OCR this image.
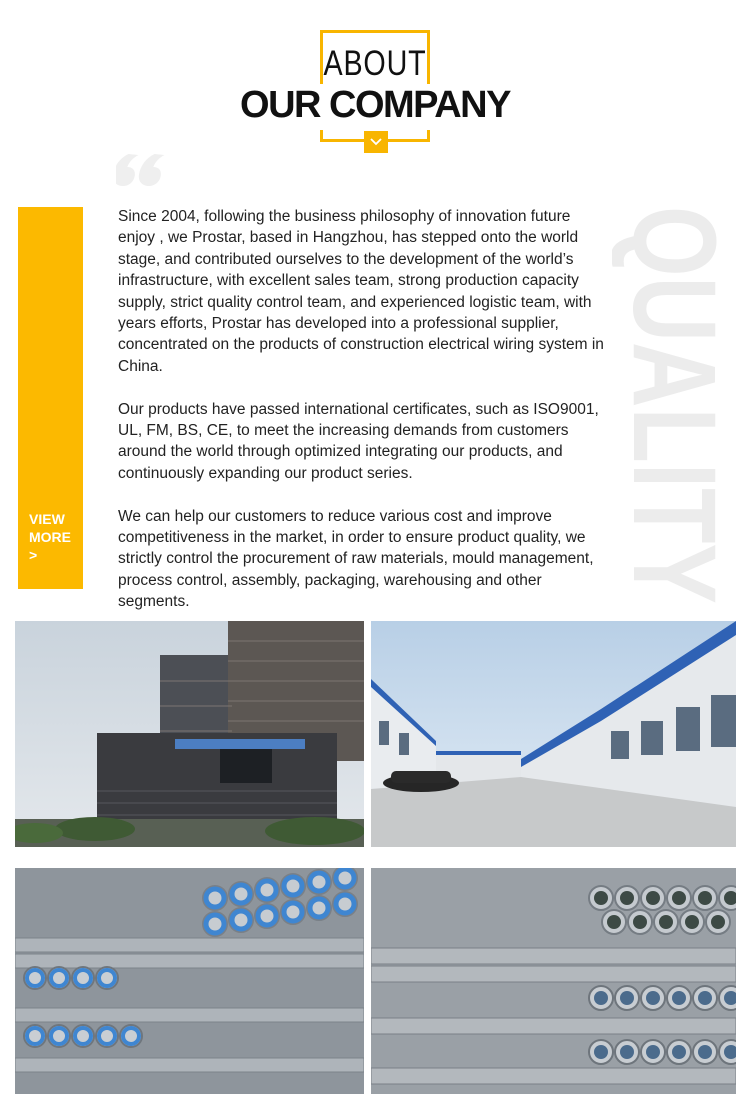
ABOUT
OUR COMPANY
VIEW MORE >

Since 2004, following the business philosophy of innovation future enjoy , we Prostar, based in Hangzhou, has stepped onto the world stage, and contributed ourselves to the development of the world’s infrastructure, with excellent sales team, strong production capacity supply, strict quality control team, and experienced logistic team, with years efforts, Prostar has developed into a professional supplier, concentrated on the products of construction electrical wiring system in China.

Our products have passed international certificates, such as ISO9001, UL, FM, BS, CE, to meet the increasing demands from customers around the world through optimized integrating our products, and continuously expanding our product series.

We can help our customers to reduce various cost and improve competitiveness in the market, in order to ensure product quality, we strictly control the procurement of raw materials, mould management, process control, assembly, packaging, warehousing and other segments.	QUALITY
